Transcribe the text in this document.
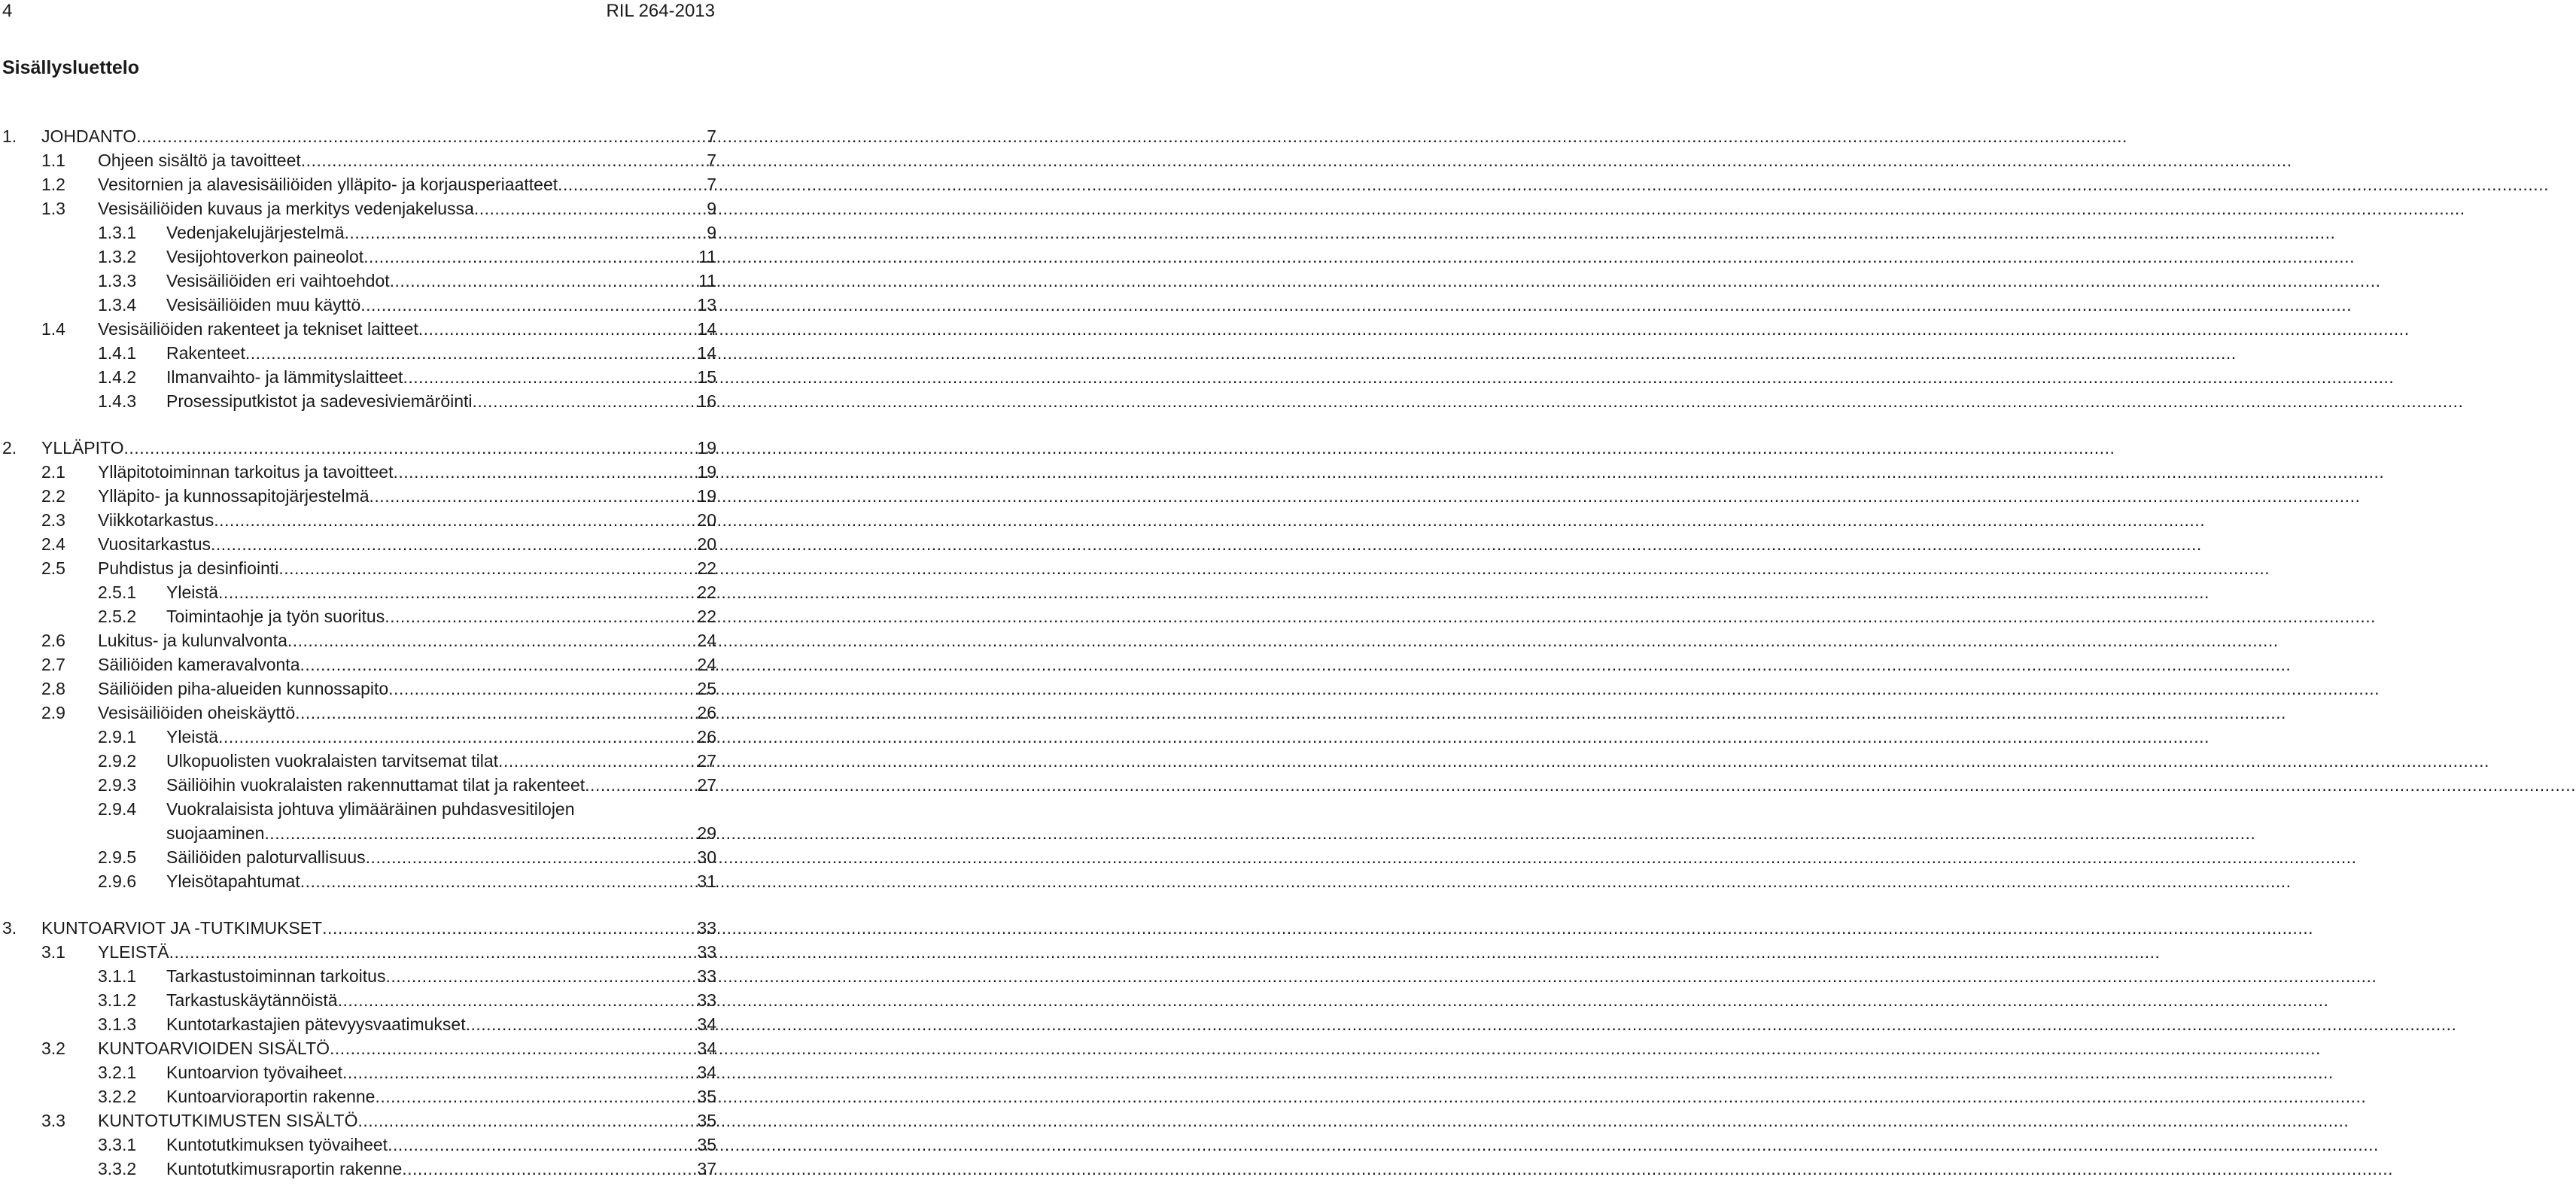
4	RIL 264-2013
Sisällysluettelo
1. JOHDANTO .....	7
1.1 Ohjeen sisältö ja tavoitteet .....	7
1.2 Vesitornien ja alavesisäiliöiden ylläpito- ja korjausperiaatteet .....	7
1.3 Vesisäiliöiden kuvaus ja merkitys vedenjakelussa .....	9
1.3.1 Vedenjakelujärjestelmä .....	9
1.3.2 Vesijohtoverkon paineolot .....	11
1.3.3 Vesisäiliöiden eri vaihtoehdot .....	11
1.3.4 Vesisäiliöiden muu käyttö .....	13
1.4 Vesisäiliöiden rakenteet ja tekniset laitteet .....	14
1.4.1 Rakenteet .....	14
1.4.2 Ilmanvaihto- ja lämmityslaitteet .....	15
1.4.3 Prosessiputkistot ja sadevesiviemäröinti .....	16
2. YLLÄPITO .....	19
2.1 Ylläpitotoiminnan tarkoitus ja tavoitteet .....	19
2.2 Ylläpito- ja kunnossapitojärjestelmä .....	19
2.3 Viikkotarkastus .....	20
2.4 Vuositarkastus .....	20
2.5 Puhdistus ja desinfiointi .....	22
2.5.1 Yleistä .....	22
2.5.2 Toimintaohje ja työn suoritus .....	22
2.6 Lukitus- ja kulunvalvonta .....	24
2.7 Säiliöiden kameravalvonta .....	24
2.8 Säiliöiden piha-alueiden kunnossapito .....	25
2.9 Vesisäiliöiden oheiskäyttö .....	26
2.9.1 Yleistä .....	26
2.9.2 Ulkopuolisten vuokralaisten tarvitsemat tilat .....	27
2.9.3 Säiliöihin vuokralaisten rakennuttamat tilat ja rakenteet .....	27
2.9.4 Vuokralaisista johtuva ylimääräinen puhdasvesitilojen
suojaaminen .....	29
2.9.5 Säiliöiden paloturvallisuus .....	30
2.9.6 Yleisötapahtumat .....	31
3. KUNTOARVIOT JA -TUTKIMUKSET .....	33
3.1 YLEISTÄ .....	33
3.1.1 Tarkastustoiminnan tarkoitus .....	33
3.1.2 Tarkastuskäytännöistä .....	33
3.1.3 Kuntotarkastajien pätevyysvaatimukset .....	34
3.2 KUNTOARVIOIDEN SISÄLTÖ .....	34
3.2.1 Kuntoarvion työvaiheet .....	34
3.2.2 Kuntoarvioraportin rakenne .....	35
3.3 KUNTOTUTKIMUSTEN SISÄLTÖ .....	35
3.3.1 Kuntotutkimuksen työvaiheet .....	35
3.3.2 Kuntotutkimusraportin rakenne .....	37
